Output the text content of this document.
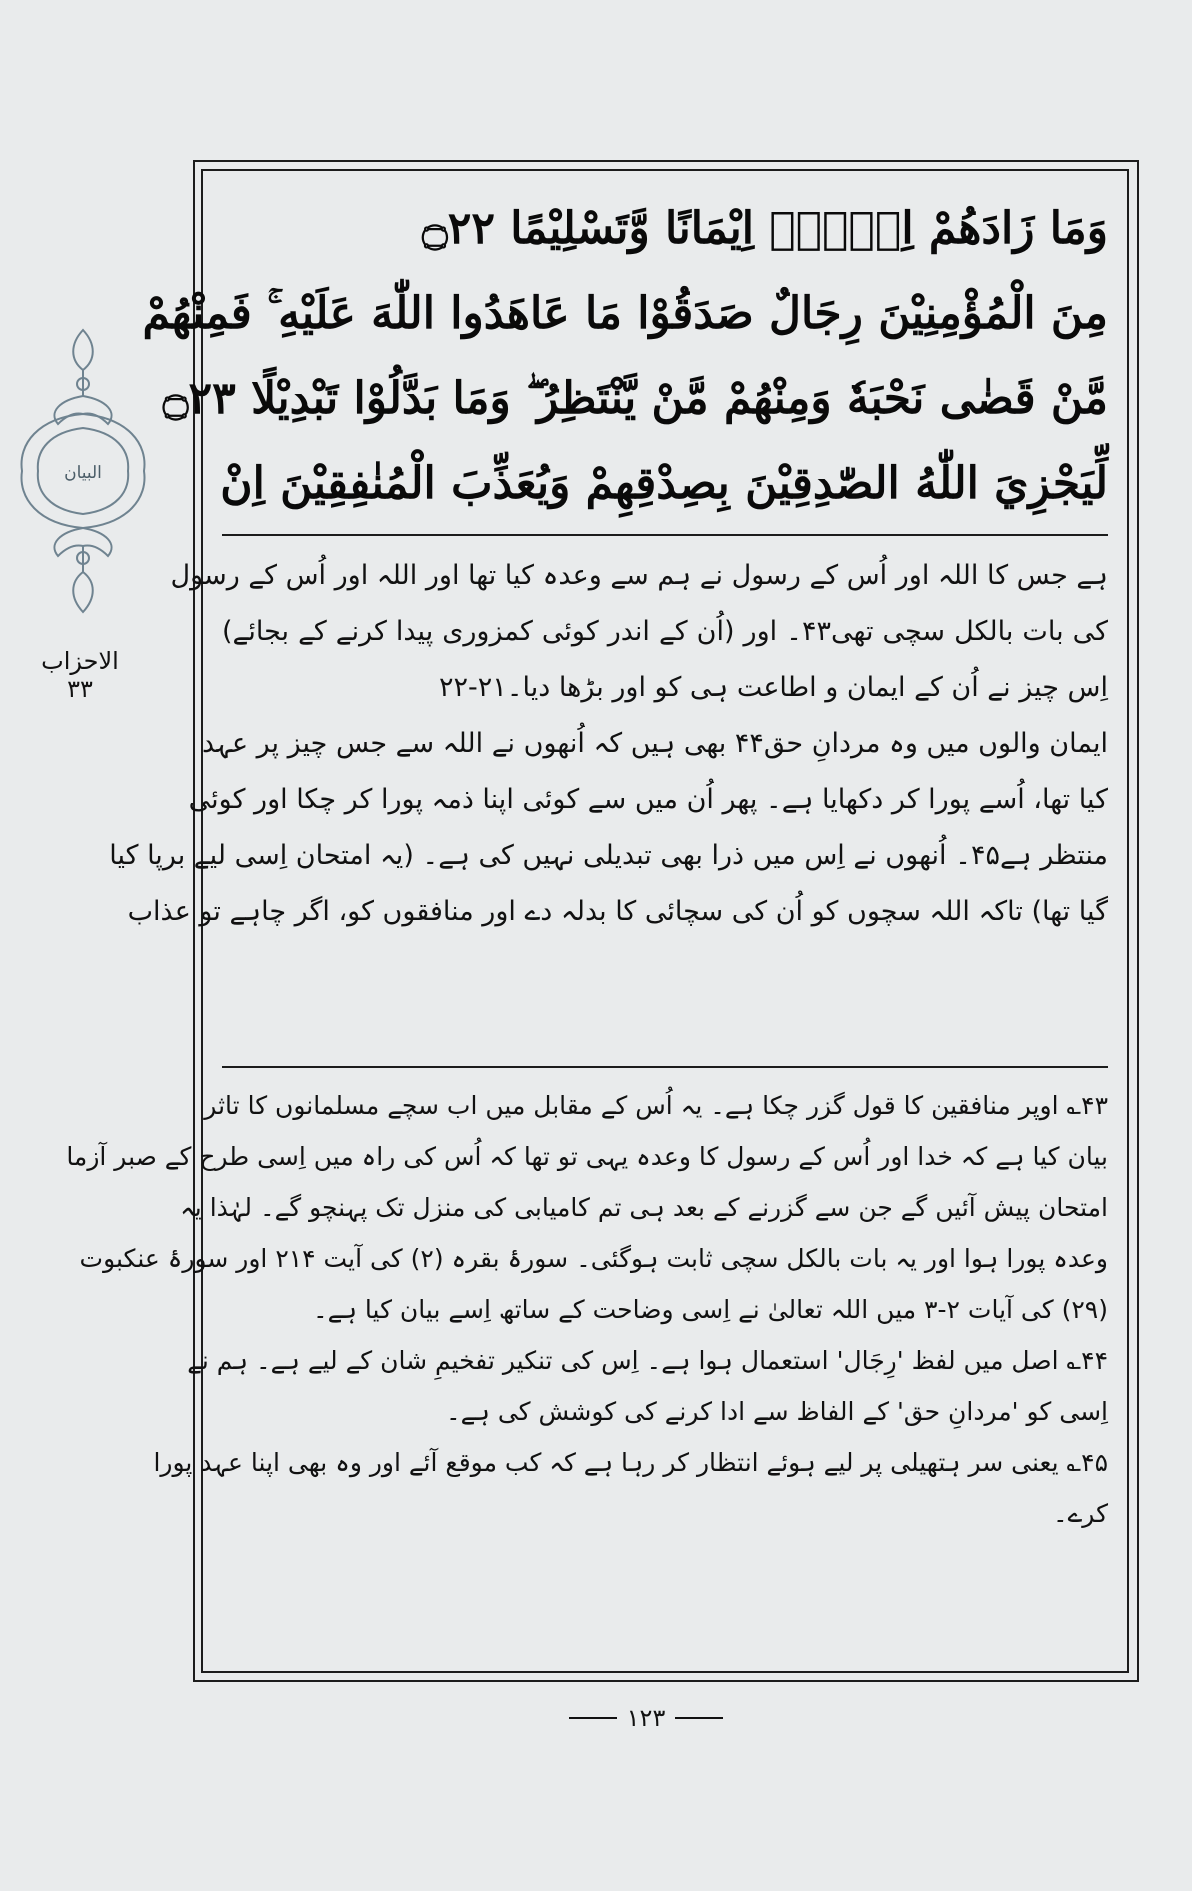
البيان
الاحزاب
۳۳
وَمَا زَادَهُمْ اِلَّاۤ اِيْمَانًا وَّتَسْلِيْمًا ۝۲۲
مِنَ الْمُؤْمِنِيْنَ رِجَالٌ صَدَقُوْا مَا عَاهَدُوا اللّٰهَ عَلَيْهِ ۚ فَمِنْهُمْ
مَّنْ قَضٰى نَحْبَهٗ وَمِنْهُمْ مَّنْ يَّنْتَظِرُ ۖ وَمَا بَدَّلُوْا تَبْدِيْلًا ۝۲۳
لِّيَجْزِيَ اللّٰهُ الصّٰدِقِيْنَ بِصِدْقِهِمْ وَيُعَذِّبَ الْمُنٰفِقِيْنَ اِنْ
ہے جس کا اللہ اور اُس کے رسول نے ہم سے وعدہ کیا تھا اور اللہ اور اُس کے رسول
کی بات بالکل سچی تھی۴۳۔ اور (اُن کے اندر کوئی کمزوری پیدا کرنے کے بجائے)
اِس چیز نے اُن کے ایمان و اطاعت ہی کو اور بڑھا دیا۔۲۱-۲۲
ایمان والوں میں وہ مردانِ حق۴۴ بھی ہیں کہ اُنھوں نے اللہ سے جس چیز پر عہد
کیا تھا، اُسے پورا کر دکھایا ہے۔ پھر اُن میں سے کوئی اپنا ذمہ پورا کر چکا اور کوئی
منتظر ہے۴۵۔ اُنھوں نے اِس میں ذرا بھی تبدیلی نہیں کی ہے۔ (یہ امتحان اِسی لیے برپا کیا
گیا تھا) تاکہ اللہ سچوں کو اُن کی سچائی کا بدلہ دے اور منافقوں کو، اگر چاہے تو عذاب
۴۳؎ اوپر منافقین کا قول گزر چکا ہے۔ یہ اُس کے مقابل میں اب سچے مسلمانوں کا تاثر
بیان کیا ہے کہ خدا اور اُس کے رسول کا وعدہ یہی تو تھا کہ اُس کی راہ میں اِسی طرح کے صبر آزما
امتحان پیش آئیں گے جن سے گزرنے کے بعد ہی تم کامیابی کی منزل تک پہنچو گے۔ لہٰذا یہ
وعدہ پورا ہوا اور یہ بات بالکل سچی ثابت ہوگئی۔ سورۂ بقرہ (۲) کی آیت ۲۱۴ اور سورۂ عنکبوت
(۲۹) کی آیات ۲-۳ میں اللہ تعالیٰ نے اِسی وضاحت کے ساتھ اِسے بیان کیا ہے۔
۴۴؎ اصل میں لفظ 'رِجَال' استعمال ہوا ہے۔ اِس کی تنکیر تفخیمِ شان کے لیے ہے۔ ہم نے
اِسی کو 'مردانِ حق' کے الفاظ سے ادا کرنے کی کوشش کی ہے۔
۴۵؎ یعنی سر ہتھیلی پر لیے ہوئے انتظار کر رہا ہے کہ کب موقع آئے اور وہ بھی اپنا عہد پورا
کرے۔
۱۲۳
